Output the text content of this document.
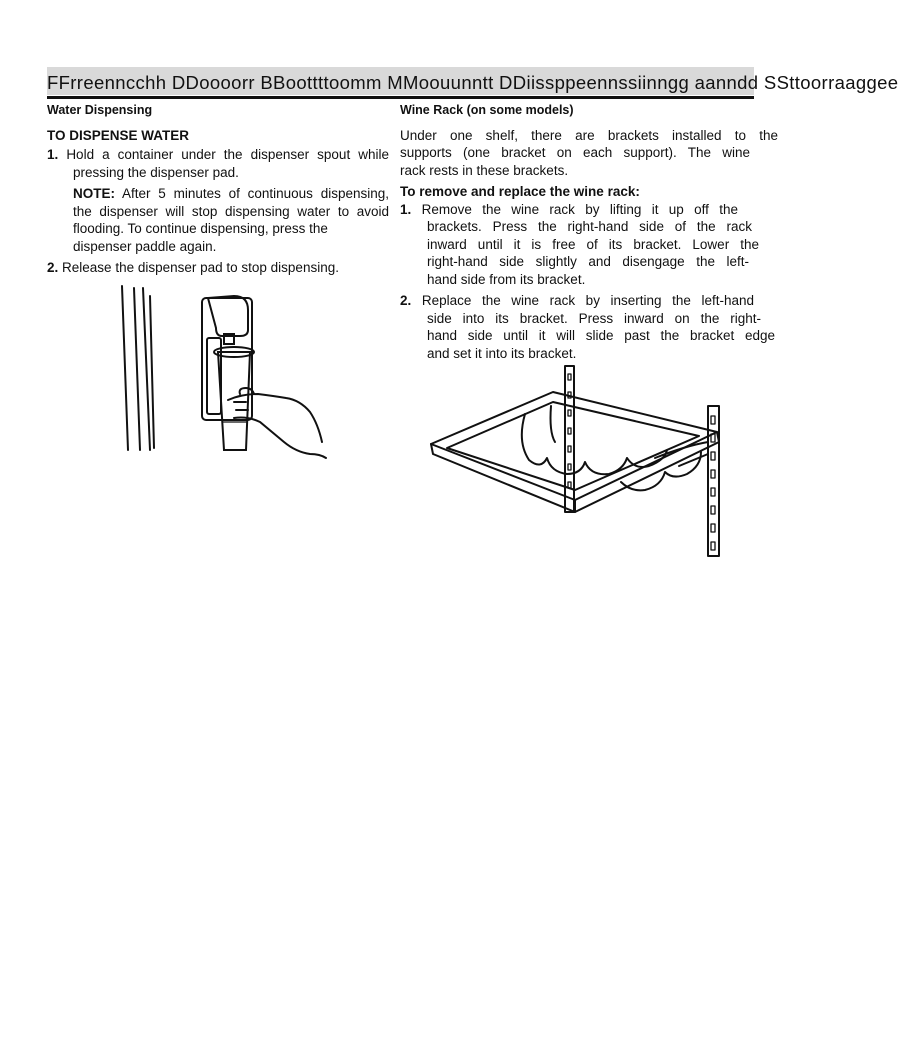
FFrreenncchh DDoooorr BBoottttoomm MMoouunntt DDiissppeennssiinngg aanndd SSttoorraaggee

Water Dispensing

TO DISPENSE WATER

1. Hold a container under the dispenser spout while

pressing the dispenser pad.

NOTE: After 5 minutes of continuous dispensing,

the dispenser will stop dispensing water to avoid

flooding. To continue dispensing, press the

dispenser paddle again.

2. Release the dispenser pad to stop dispensing.

Wine Rack (on some models)

Under one shelf, there are brackets installed to the

supports (one bracket on each support). The wine

rack rests in these brackets.

To remove and replace the wine rack:

1. Remove the wine rack by lifting it up off the

brackets. Press the right-hand side of the rack

inward until it is free of its bracket. Lower the

right-hand side slightly and disengage the left-

hand side from its bracket.

2. Replace the wine rack by inserting the left-hand

side into its bracket. Press inward on the right-

hand side until it will slide past the bracket edge

and set it into its bracket.
